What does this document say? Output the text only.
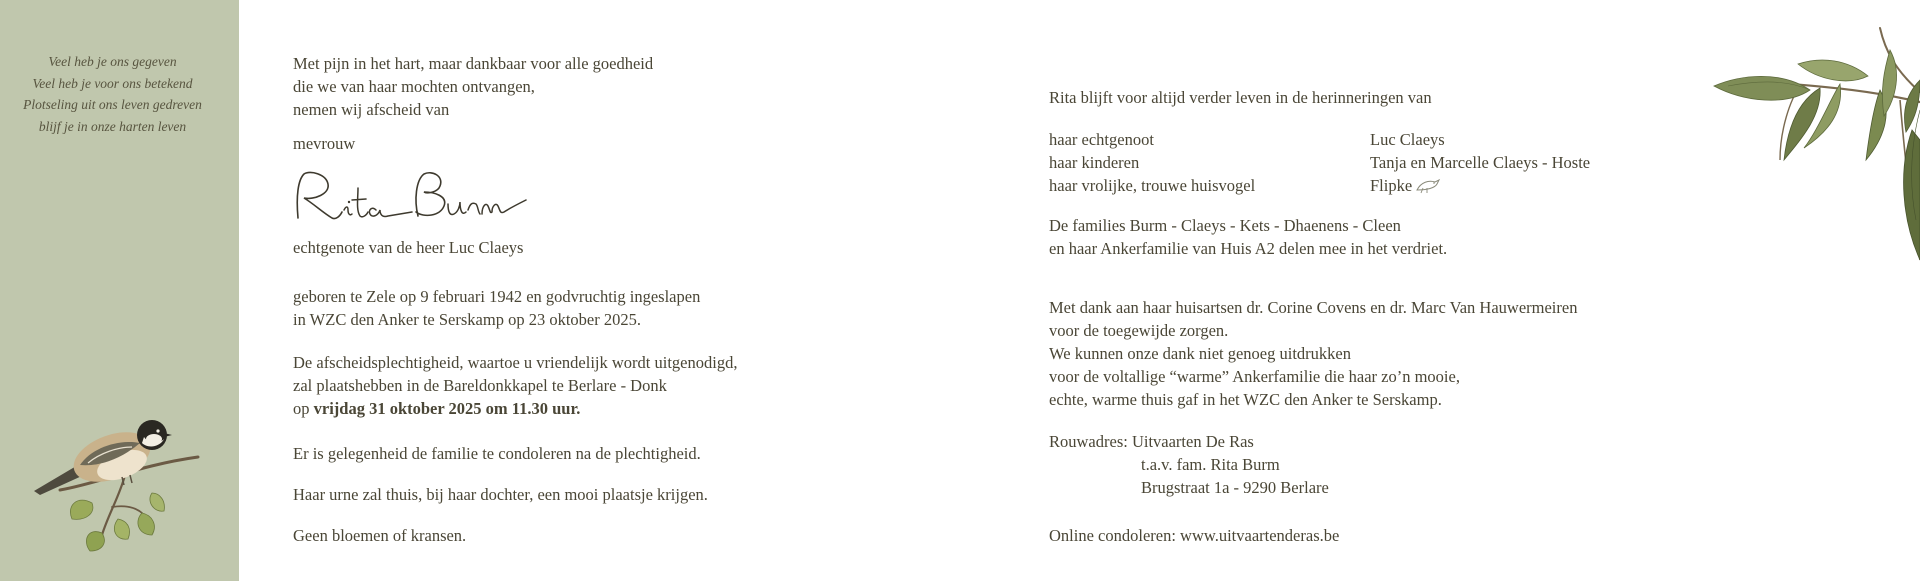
Veel heb je ons gegeven
Veel heb je voor ons betekend
Plotseling uit ons leven gedreven
blijf je in onze harten leven
Met pijn in het hart, maar dankbaar voor alle goedheid
die we van haar mochten ontvangen,
nemen wij afscheid van
mevrouw
echtgenote van de heer Luc Claeys
geboren te Zele op 9 februari 1942 en godvruchtig ingeslapen
in WZC den Anker te Serskamp op 23 oktober 2025.
De afscheidsplechtigheid, waartoe u vriendelijk wordt uitgenodigd,
zal plaatshebben in de Bareldonkkapel te Berlare - Donk
op vrijdag 31 oktober 2025 om 11.30 uur.
Er is gelegenheid de familie te condoleren na de plechtigheid.
Haar urne zal thuis, bij haar dochter, een mooi plaatsje krijgen.
Geen bloemen of kransen.
Rita blijft voor altijd verder leven in de herinneringen van
haar echtgenoot
haar kinderen
haar vrolijke, trouwe huisvogel
Luc Claeys
Tanja en Marcelle Claeys - Hoste
Flipke
De families Burm - Claeys - Kets - Dhaenens - Cleen
en haar Ankerfamilie van Huis A2 delen mee in het verdriet.
Met dank aan haar huisartsen dr. Corine Covens en dr. Marc Van Hauwermeiren
voor de toegewijde zorgen.
We kunnen onze dank niet genoeg uitdrukken
voor de voltallige “warme” Ankerfamilie die haar zo’n mooie,
echte, warme thuis gaf in het WZC den Anker te Serskamp.
Rouwadres: Uitvaarten De Ras
t.a.v. fam. Rita Burm
Brugstraat 1a - 9290 Berlare
Online condoleren: www.uitvaartenderas.be
